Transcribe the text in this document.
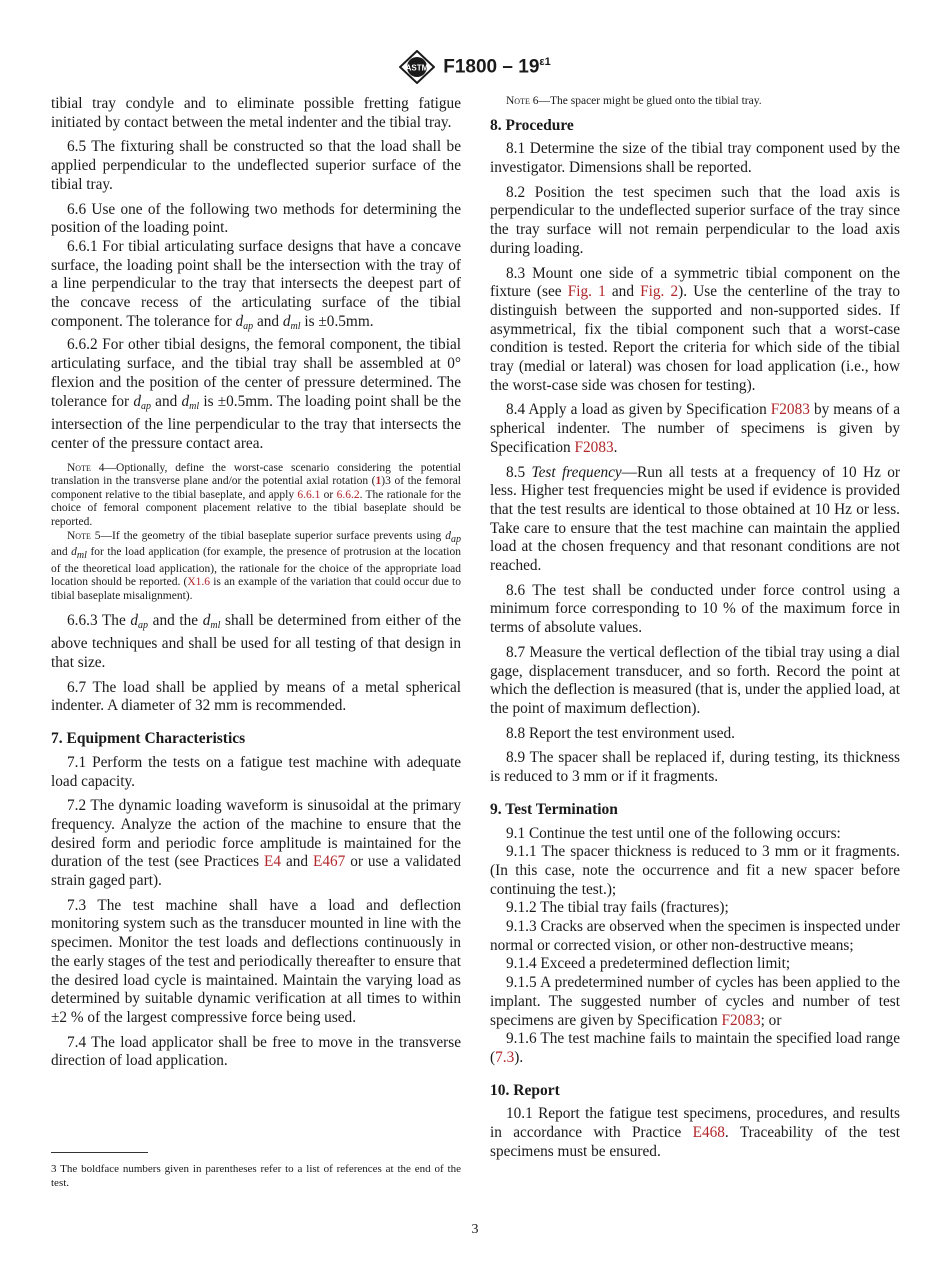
ASTM $F1800 - 19^{\varepsilon 1}$

tibial tray condyle and to eliminate possible fretting fatigue initiated by contact between the metal indenter and the tibial tray.

6.5 The fixturing shall be constructed so that the load shall be applied perpendicular to the undeflected superior surface of the tibial tray.

6.6 Use one of the following two methods for determining the position of the loading point.

6.6.1 For tibial articulating surface designs that have a concave surface, the loading point shall be the intersection with the tray of a line perpendicular to the tray that intersects the deepest part of the concave recess of the articulating surface of the tibial component. The tolerance for $d_{ap}$ and $d_{ml}$ is ±0.5mm.

6.6.2 For other tibial designs, the femoral component, the tibial articulating surface, and the tibial tray shall be assembled at 0° flexion and the position of the center of pressure determined. The tolerance for $d_{ap}$ and $d_{ml}$ is ±0.5mm. The loading point shall be the intersection of the line perpendicular to the tray that intersects the center of the pressure contact area.

Note 4—Optionally, define the worst-case scenario considering the potential translation in the transverse plane and/or the potential axial rotation (1)3 of the femoral component relative to the tibial baseplate, and apply 6.6.1 or 6.6.2. The rationale for the choice of femoral component placement relative to the tibial baseplate should be reported.
Note 5—If the geometry of the tibial baseplate superior surface prevents using dap and dml for the load application (for example, the presence of protrusion at the location of the theoretical load application), the rationale for the choice of the appropriate load location should be reported. (X1.6 is an example of the variation that could occur due to tibial baseplate misalignment).

6.6.3 The $d_{ap}$ and the $d_{ml}$ shall be determined from either of the above techniques and shall be used for all testing of that design in that size.

6.7 The load shall be applied by means of a metal spherical indenter. A diameter of 32 mm is recommended.

7. Equipment Characteristics

7.1 Perform the tests on a fatigue test machine with adequate load capacity.

7.2 The dynamic loading waveform is sinusoidal at the primary frequency. Analyze the action of the machine to ensure that the desired form and periodic force amplitude is maintained for the duration of the test (see Practices E4 and E467 or use a validated strain gaged part).

7.3 The test machine shall have a load and deflection monitoring system such as the transducer mounted in line with the specimen. Monitor the test loads and deflections continuously in the early stages of the test and periodically thereafter to ensure that the desired load cycle is maintained. Maintain the varying load as determined by suitable dynamic verification at all times to within ±2 % of the largest compressive force being used.

7.4 The load applicator shall be free to move in the transverse direction of load application.

3 The boldface numbers given in parentheses refer to a list of references at the end of the test.
Note 6—The spacer might be glued onto the tibial tray.
8. Procedure

8.1 Determine the size of the tibial tray component used by the investigator. Dimensions shall be reported.

8.2 Position the test specimen such that the load axis is perpendicular to the undeflected superior surface of the tray since the tray surface will not remain perpendicular to the load axis during loading.

8.3 Mount one side of a symmetric tibial component on the fixture (see Fig. 1 and Fig. 2). Use the centerline of the tray to distinguish between the supported and non-supported sides. If asymmetrical, fix the tibial component such that a worst-case condition is tested. Report the criteria for which side of the tibial tray (medial or lateral) was chosen for load application (i.e., how the worst-case side was chosen for testing).

8.4 Apply a load as given by Specification F2083 by means of a spherical indenter. The number of specimens is given by Specification F2083.

8.5 Test frequency—Run all tests at a frequency of 10 Hz or less. Higher test frequencies might be used if evidence is provided that the test results are identical to those obtained at 10 Hz or less. Take care to ensure that the test machine can maintain the applied load at the chosen frequency and that resonant conditions are not reached.

8.6 The test shall be conducted under force control using a minimum force corresponding to 10 % of the maximum force in terms of absolute values.

8.7 Measure the vertical deflection of the tibial tray using a dial gage, displacement transducer, and so forth. Record the point at which the deflection is measured (that is, under the applied load, at the point of maximum deflection).

8.8 Report the test environment used.

8.9 The spacer shall be replaced if, during testing, its thickness is reduced to 3 mm or if it fragments.

9. Test Termination

9.1 Continue the test until one of the following occurs:

9.1.1 The spacer thickness is reduced to 3 mm or it fragments. (In this case, note the occurrence and fit a new spacer before continuing the test.);

9.1.2 The tibial tray fails (fractures);

9.1.3 Cracks are observed when the specimen is inspected under normal or corrected vision, or other non-destructive means;

9.1.4 Exceed a predetermined deflection limit;

9.1.5 A predetermined number of cycles has been applied to the implant. The suggested number of cycles and number of test specimens are given by Specification F2083; or

9.1.6 The test machine fails to maintain the specified load range (7.3).

10. Report

10.1 Report the fatigue test specimens, procedures, and results in accordance with Practice E468. Traceability of the test specimens must be ensured.

3
